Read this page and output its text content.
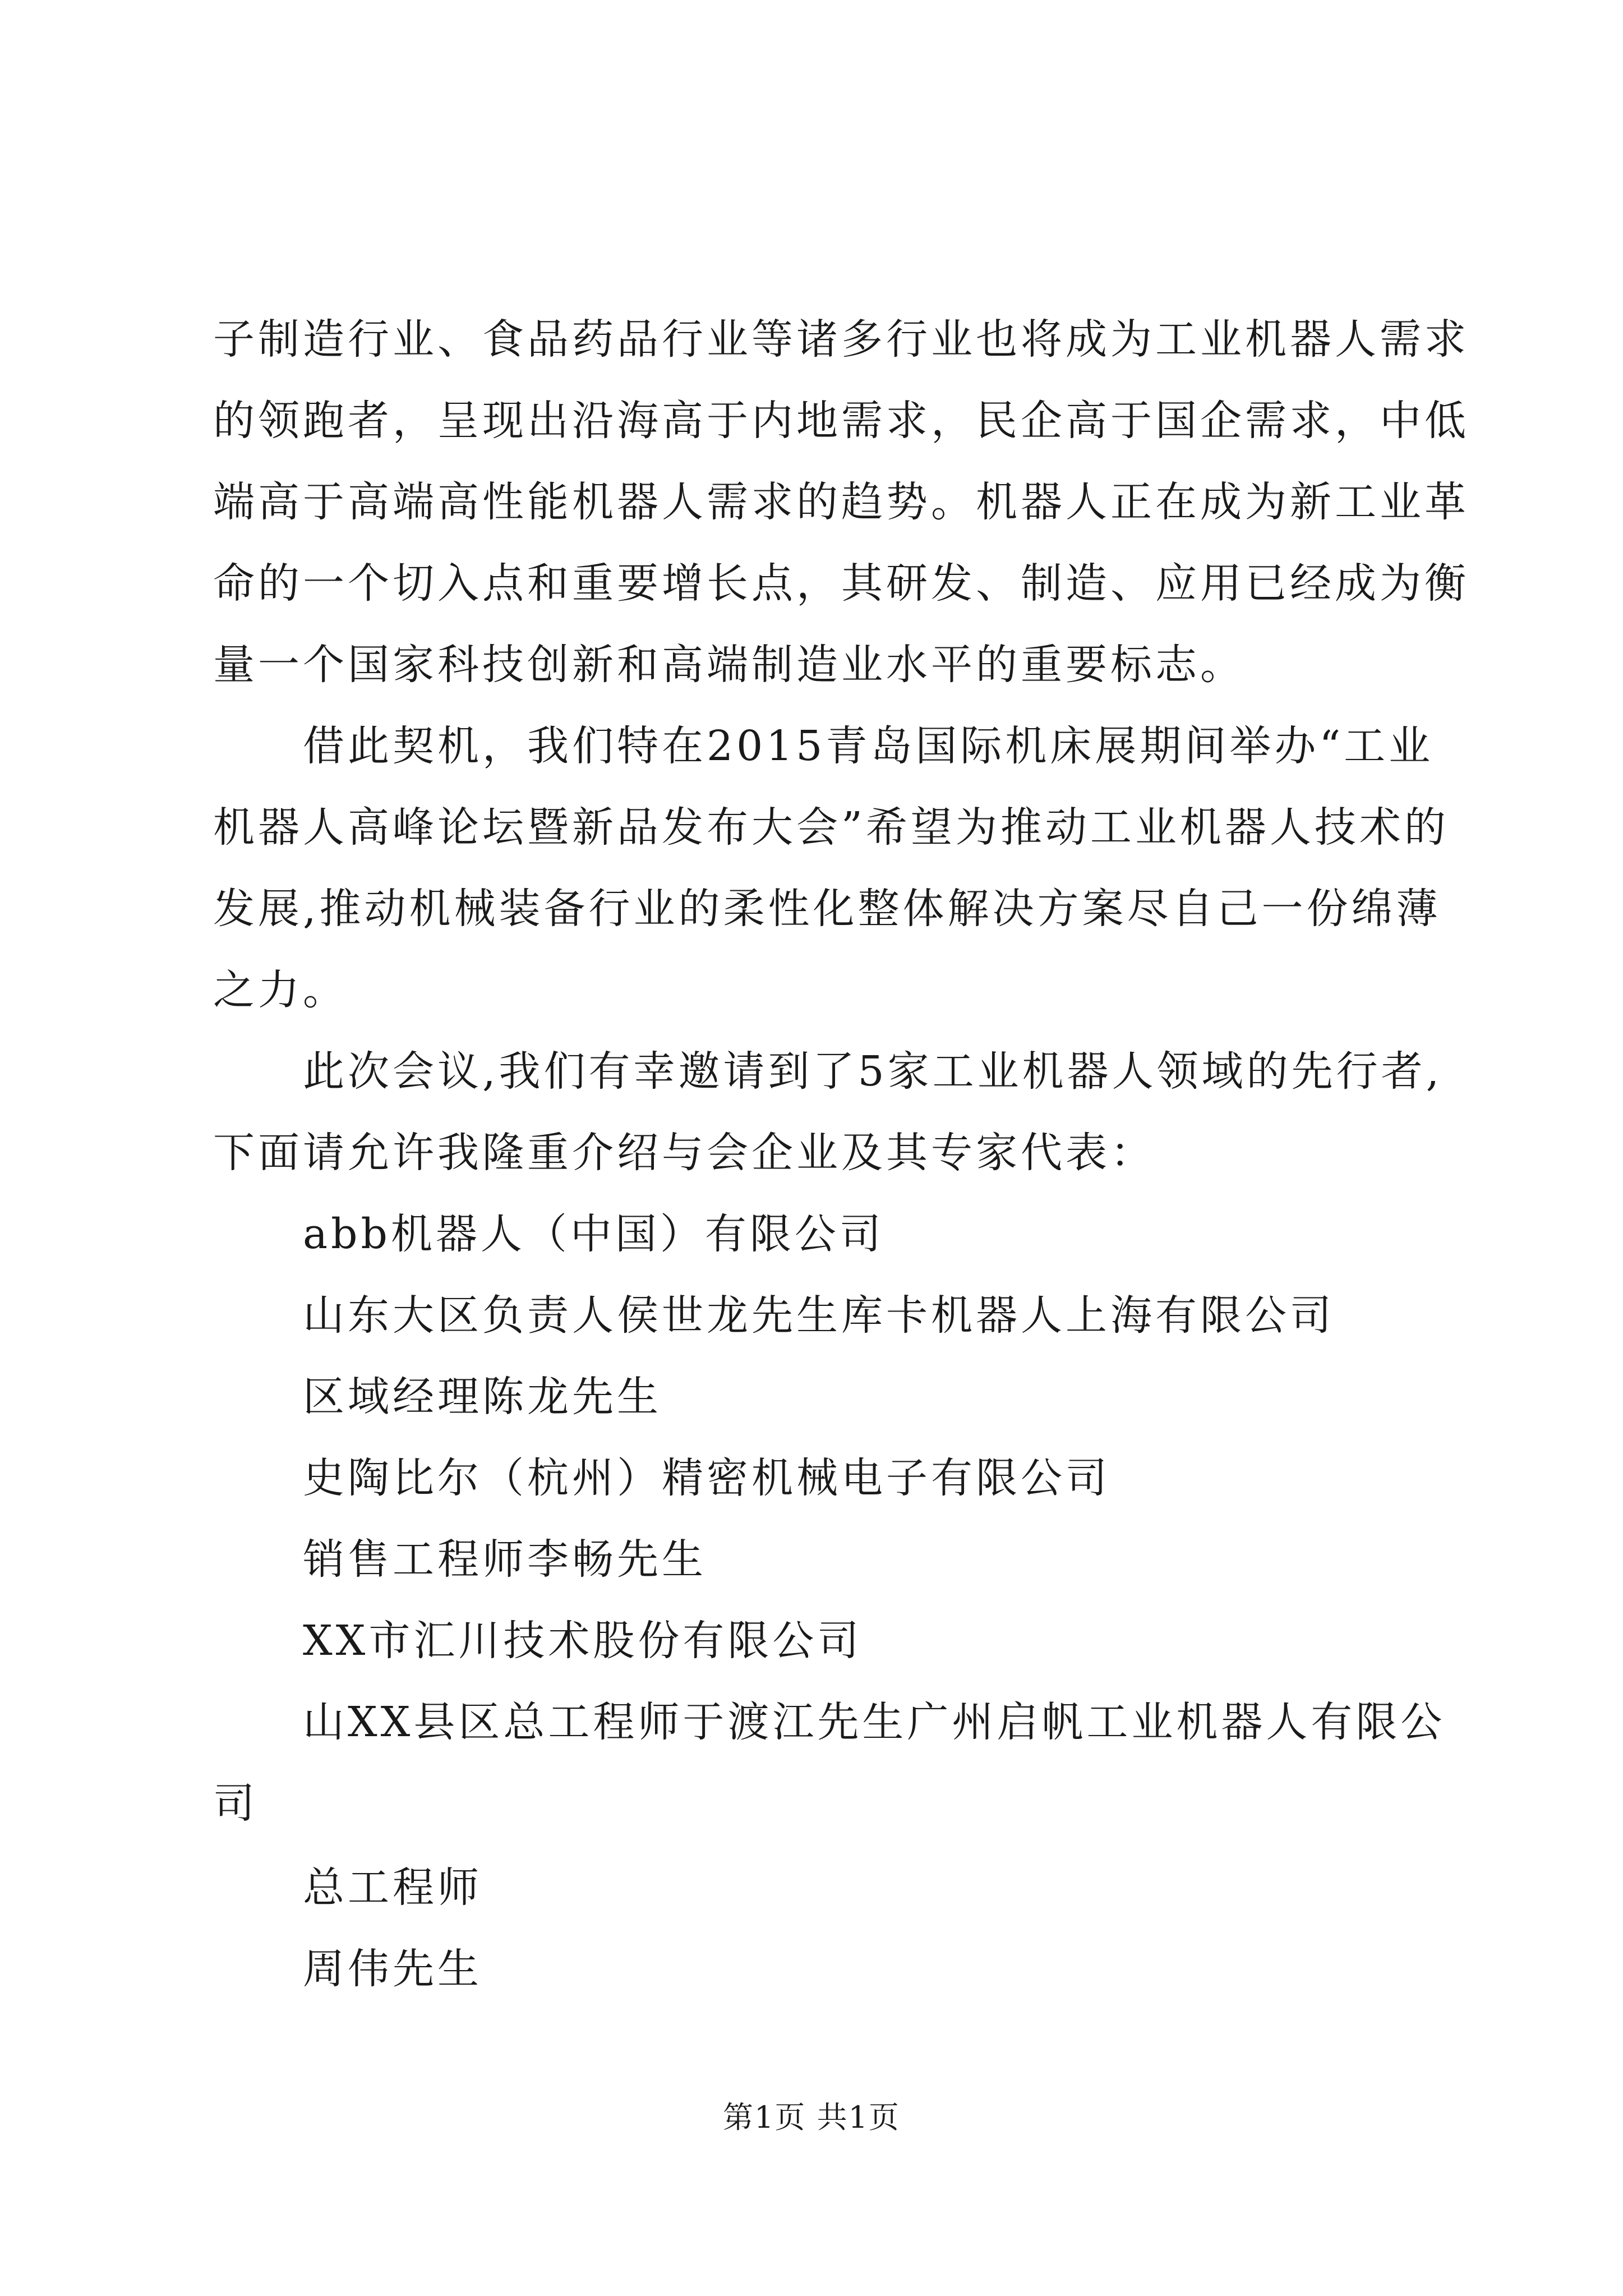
子制造行业、食品药品行业等诸多行业也将成为工业机器人需求
的领跑者，呈现出沿海高于内地需求，民企高于国企需求，中低
端高于高端高性能机器人需求的趋势。机器人正在成为新工业革
命的一个切入点和重要增长点，其研发、制造、应用已经成为衡
量一个国家科技创新和高端制造业水平的重要标志。
借此契机，我们特在2015青岛国际机床展期间举办“工业
机器人高峰论坛暨新品发布大会”希望为推动工业机器人技术的
发展,推动机械装备行业的柔性化整体解决方案尽自己一份绵薄
之力。
此次会议,我们有幸邀请到了5家工业机器人领域的先行者,
下面请允许我隆重介绍与会企业及其专家代表：
abb机器人（中国）有限公司
山东大区负责人侯世龙先生库卡机器人上海有限公司
区域经理陈龙先生
史陶比尔（杭州）精密机械电子有限公司
销售工程师李畅先生
XX市汇川技术股份有限公司
山XX县区总工程师于渡江先生广州启帆工业机器人有限公
司
总工程师
周伟先生
第1页 共1页
